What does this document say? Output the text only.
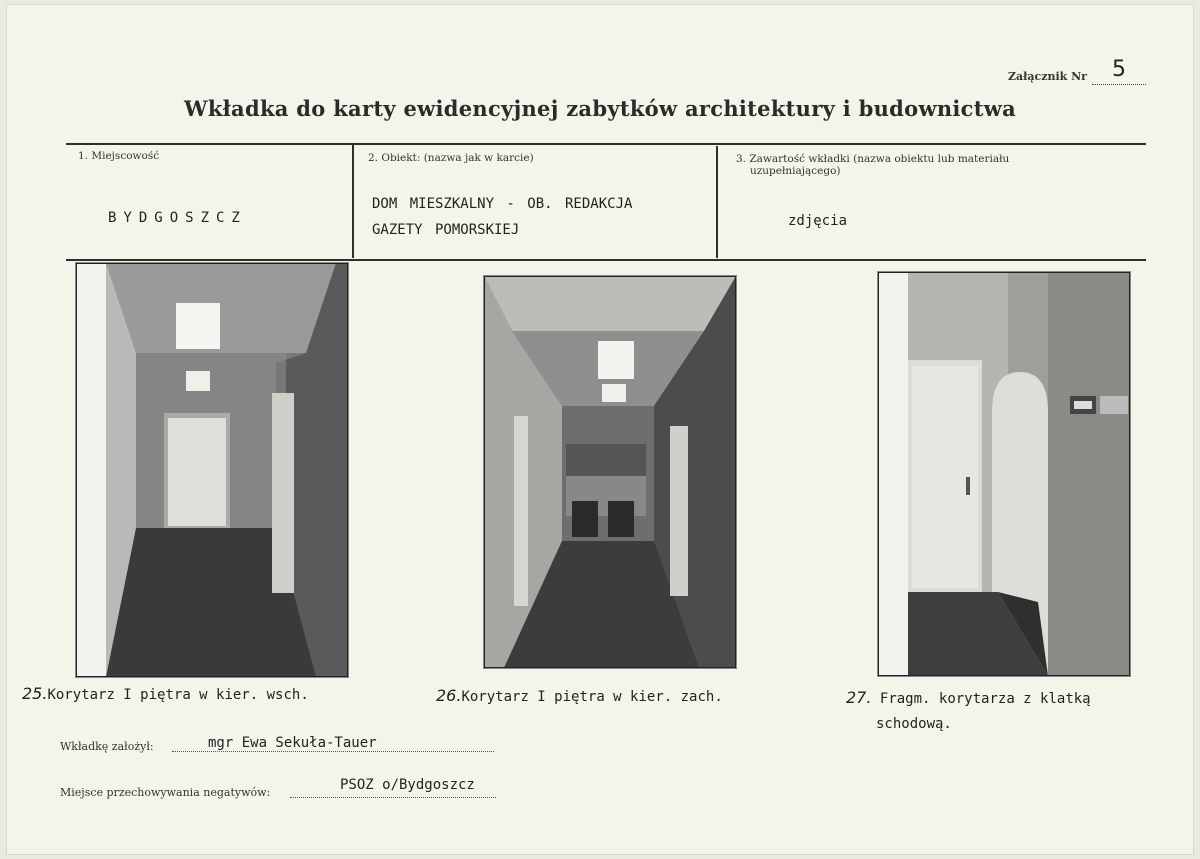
Załącznik Nr	5
Wkładka do karty ewidencyjnej zabytków architektury i budownictwa
1. Miejscowość
BYDGOSZCZ
2. Obiekt: (nazwa jak w karcie)
DOM MIESZKALNY - OB. REDAKCJA
GAZETY POMORSKIEJ
3. Zawartość wkładki (nazwa obiektu lub materiału
uzupełniającego)
zdjęcia
25.Korytarz I piętra w kier. wsch.	26.Korytarz I piętra w kier. zach.	27. Fragm. korytarza z klatką
schodową.
Wkładkę założył:	mgr Ewa Sekuła-Tauer
Miejsce przechowywania negatywów:	PSOZ o/Bydgoszcz
